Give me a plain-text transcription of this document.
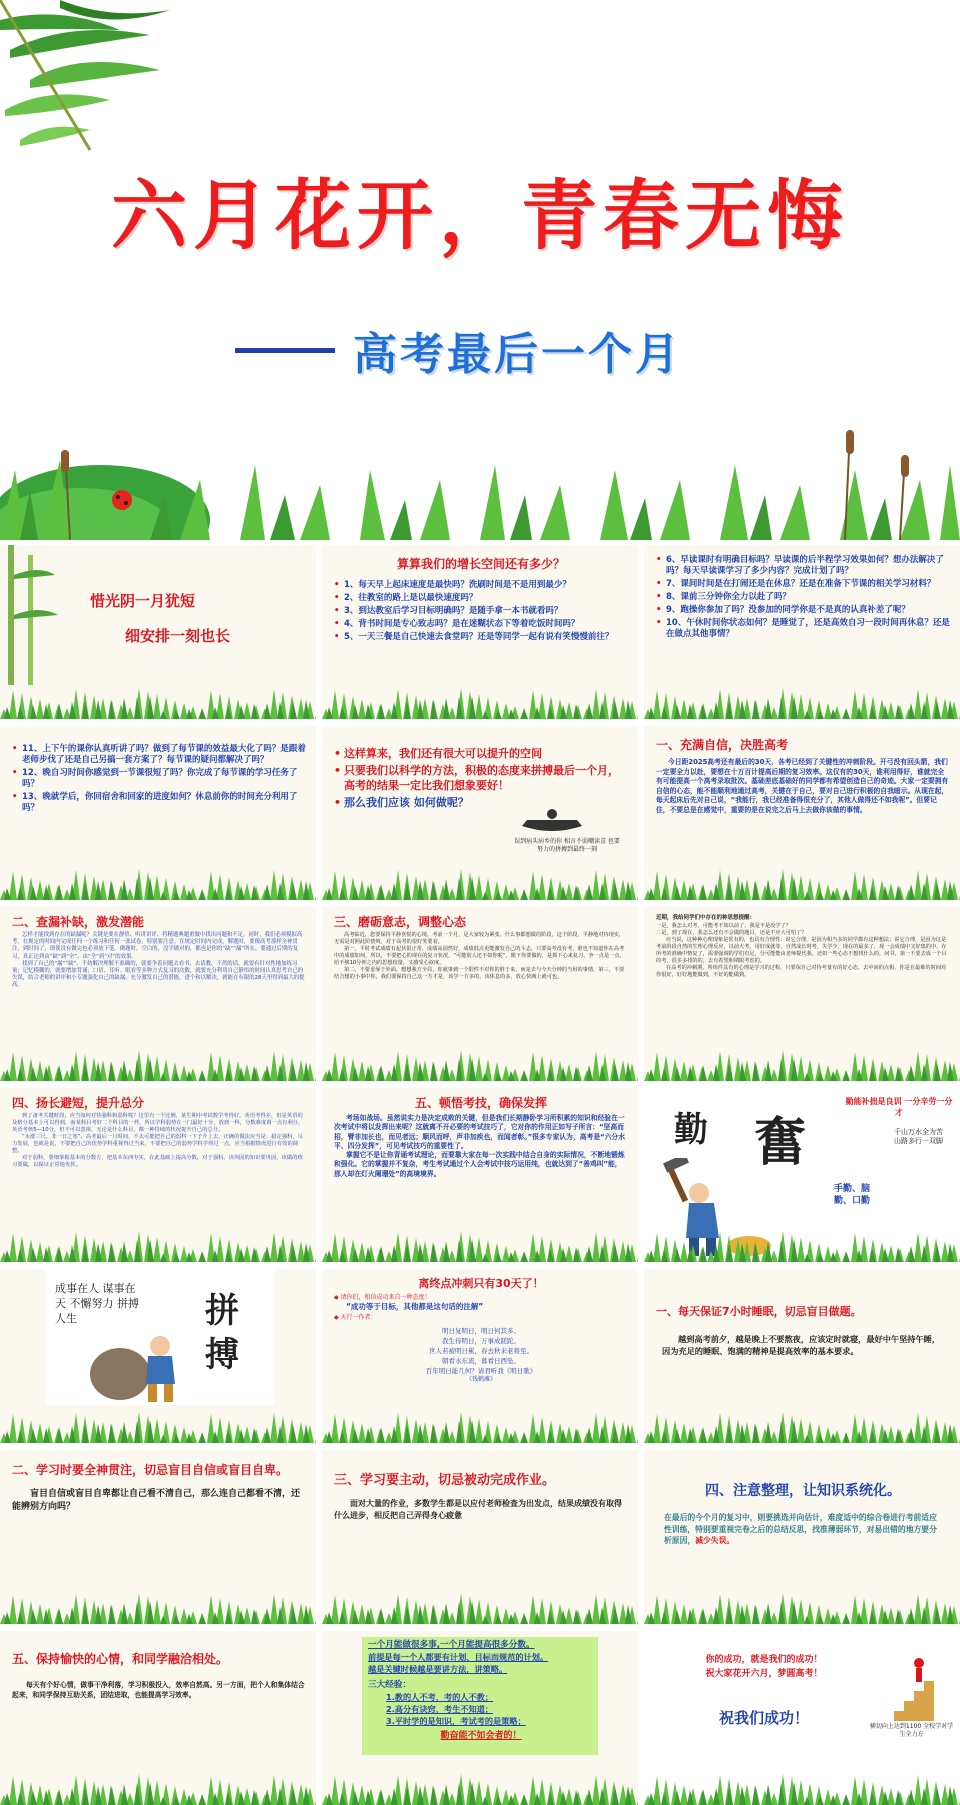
六月花开，青春无悔
高考最后一个月
惜光阴一月犹短
细安排一刻也长
算算我们的增长空间还有多少？
• 1、每天早上起床速度是最快吗？洗刷时间是不是用到最少？
• 2、往教室的路上是以最快速度吗？
• 3、到达教室后学习目标明确吗？是随手拿一本书就看吗？
• 4、背书时间是专心致志吗？是在迷糊状态下等着吃饭时间吗？
• 5、一天三餐是自己快速去食堂吗？还是等同学一起有说有笑慢慢前往？
• 6、早读课时有明确目标吗？早读课的后半程学习效果如何？想办法解决了吗？每天早读课学习了多少内容？完成计划了吗？
• 7、课间时间是在打闹还是在休息？还是在准备下节课的相关学习材料？
• 8、课前三分钟你全力以赴了吗？
• 9、跑操你参加了吗？没参加的同学你是不是真的认真补差了呢？
• 10、午休时间你状态如何？是睡觉了，还是高效自习一段时间再休息？还是在做点其他事情？
• 11、上下午的课你认真听讲了吗？做到了每节课的效益最大化了吗？是跟着老师步伐了还是自己另搞一套方案了？每节课的疑问都解决了吗？
• 12、晚自习时间你感觉到一节课很短了吗？你完成了每节课的学习任务了吗？
• 13、晚就学后，你回宿舍和回家的进度如何？休息前你的时间充分利用了吗？
• 这样算来，我们还有很大可以提升的空间
• 只要我们以科学的方法，积极的态度来拼搏最后一个月，高考的结果一定比我们想象要好！
• 那么我们应该 如何做呢？
误到病头病乡的你 相言不弱嘲读喜 也要努力的拼搏到最终一刻
一、充满自信，决胜高考
今日距2025高考还有最后的30天，各考已经到了关键性的冲刺阶段。开弓没有回头箭，我们一定要全力以赴，要想在十万百计提高后期的复习效率。这仅有的30天，谁利用得好，谁就完全有可能提高一个高考录取批次。基础差底基础好的同学都有希望创造自己的奇迹。大家一定要拥有自信的心态，能不能顺利地通过高考，关键在于自己，要对自己进行积极的自我暗示。从现在起，每天起床后先对自己说，“我能行，我已经准备得很充分了，其他人做得还不如我呢”。但要记住，不要总是在感觉中，重要的是在说完之后马上去做你该做的事情。
二、查漏补缺，激发潜能
怎样才能找到存在的缺漏呢？关键是要在静悟、听讲讲评、将精题典题重做中找出问题和不足，同时，我们必须模拟高考，在规定的时间内完成任何一个练习和任何一张试卷，特别要注意。在规定时间内完成，解题时，要像高考那样全神贯注，到时间了，即使没有做完也必须放下笔。做题时，空白的，没学做对的，都也是你的“缺”“漏”所在，要通过后期的复习，真正达到由“缺”到“全”，由“全”到“对”的效果。
找到了自己的“漏”“缺”，不妨解决理解不准确的，就要争着问题去看书，去请教，不然的话，就要有针对性地加练习量；记忆模糊的，就要增加背诵；口语、耳听、眼看等多种方式复习的次数，就要充分利用自己静悟的时间认真思考自己的失误，结合老师的讲评和小专题强化自己的缺漏，充分激发自己的潜能，进个和以解决，就能在有限的28天里得到最大的提高。
三、磨砺意志，调整心态
高考临近，您要保持平静喜悦的心境。考前一个月，是大家较为紧张、什么事都想做的阶段，这个阶段，平静地对待现实，无需是对照此阶情境，对于高考的很好笑要看。
第一，平时考试成绩有起伏很正常，成绩高固然好，成绩低点更能激发自己的斗志，只要高考没有考，谁也不知道你在高考中的成绩如何，所以，不要把心的现在的复习状况，“可能别人还不如你呢”，眼下你要做的，是抓下心来复习，争一点是一点，给不够10分钟之内的思想较量，又感受心欲度。
第二，不要羞辱于外面。想想我方全局，你就事到一个阳性不对你的胜于来，而是去与今天分钟的当用的事情，第三，不要结合想的小事中你，我们要保持自己这一方才是，该学一方多的，该休息的多。放心快满上就可也。
近期，我给同学们中存在的种思想提醒：
一是，我怎么对考，可能考不如以前了，我是不是没学了？
二是，到了现在，我怎么还有不会做的题目，还是不应大可怕了？
应当说，这种种心理现象是常有的，也具有合理性：说它合理，是因为相当多的同学都有这种想法；说它合理，是因为这是考前阶段自然的生理心理反应，以前大考，用好成就等。自然成长时考，失学少，现在的最多了，现一会成绩中又好集的中，在所考的准确中情复了，需要强调的学们有足，分可能能由老师提代我。还如一些心态不想找什么的，问书，第一不要去成一个目的考，很多多找的的，去有希望和期限考虑的。
在高考的冲刺期，所组件具有的心理是学习的过程，只要保自己对待考量有的好心态，去中间的点相，你是在最难的时间对你很好，好好地能做到，不好的能做到。
四、扬长避短，提升总分
到了备考关键时段，应当如何对待强科和弱科呢？这里有一个比例，某生期中考试数学考得好，英语考得差，但是英语的及格分基本上可以得到，而某科目考好二个科目的一样，所以学科弱势在一门最好十分，放到一科，分数难度调一点有利分，英语考核5—10分，但不可以忽视，无论是什么科目，都一种持续的状况提升自己的总分。
“水涨三尺，非一日之寒”，高考最后一月时间，不太可能把自己的弱科一下子升上去，正确的做法应当是：稳定强科，尽力发展，也就是说，不要把自己的优势学科重视得过当来，不要把自己的弱势学科学得过一点，应当根据情况进行有效的调整。
对于弱科，要细掌握基本的分数方，把基本东西夯实，在此基础上提高分数，对于强科，该巩固的知识要巩固，该做的练习要做，以保证正常地发挥。
五、顿悟考技，确保发挥
考场如战场。虽然说实力是决定成败的关键，但是我们长期静卧学习所积累的知识和经验在一次考试中将以发挥出来呢？这就离不开必要的考试技巧了，它对你的作用正如写子所言：“坚高而招，臂非加长也，而见者远；顺风而呼，声非加疾也，而闻者彰。”很多专家认为，高考是“六分水平、四分发挥”，可见考试技巧的重要性了。
掌握它不是让你背诵考试理论，而要靠大家在每一次实践中结合自身的实际情况，不断地锻炼和强化。它的掌握并不复杂，考生考试通过个人会考试中技巧运用纯，也就达到了“善鸡叫”能，那人却在灯火阑珊处”的高境境界。
勤能补拙是良训 一分辛劳一分才
勤 奮
手勤、脑勤、口勤
千山万水全为苦 山路多行一双脚
成事在人 谋事在天 不懈努力 拼搏人生	拼搏
离终点冲刺只有30天了！
◆ 请你们，相信成功来自一种态度！
“成功等于目标，其他都是这句话的注解”
◆ 天行一作者：
明日复明日，明日何其多。
我生待明日，万事成蹉跎。
世人若被明日累，春去秋来老将至。
朝看水东流，暮看日西坠。
百年明日能几何？请君听我《明日歌》
《钱鹤滩》
一、每天保证7小时睡眠，切忌盲目做题。
越到高考前夕，越是晚上不要熬夜，应该定时就寝，最好中午坚持午睡，因为充足的睡眠、饱满的精神是提高效率的基本要求。
二、学习时要全神贯注，切忌盲目自信或盲目自卑。
盲目自信或盲目自卑都让自己看不清自己，那么连自己都看不清，还能辨别方向吗？
三、学习要主动，切忌被动完成作业。
面对大量的作业，多数学生都是以应付老师检查为出发点，结果成绩没有取得什么进步，相反把自己弄得身心疲惫
四、注意整理，让知识系统化。
在最后的今个月的复习中，则要挑选并向估计，难度适中的综合卷进行考前适应性训练，特别要重视完卷之后的总结反思，找准薄弱环节，对易出错的地方要分析原因，减少失误。
五、保持愉快的心情，和同学融洽相处。
每天有个好心情，做事干净利落，学习积极投入，效率自然高。另一方面，把个人和集体结合起来，和同学保持互助关系，团结进取，也能提高学习效率。
一个月能做很多事,一个月能提高很多分数。
前提是每一个人都要有计划、目标而规范的计划。
越是关键时候越是要讲方法，讲策略。
三大经验：
1.教的人不考，考的人不教；
2.高分有诀窍，考生不知道；
3.平时学的是知识，考试考的是策略；
勤奋能不如会者的！
你的成功，就是我们的成功！
祝大家花开六月，梦圆高考！
祝我们成功！	横切向上达到1100 全校学对学生全力方
